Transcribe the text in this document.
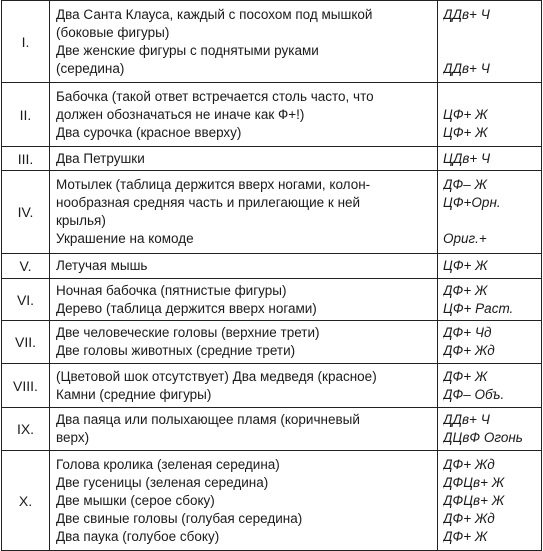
I.	Два Санта Клауса, каждый с посохом под мышкой
(боковые фигуры)
Две женские фигуры с поднятыми руками
(середина)	ДДв+ Ч
ДДв+ Ч

II.	Бабочка (такой ответ встречается столь часто, что
должен обозначаться не иначе как Ф+!)
Два сурочка (красное вверху)	ЦФ+ Ж
ЦФ+ Ж

III.	Два Петрушки	ЦДв+ Ч

IV.	Мотылек (таблица держится вверх ногами, колон-
нообразная средняя часть и прилегающие к ней
крылья)
Украшение на комоде	ДФ– Ж
ЦФ+Орн.
Ориг.+

V.	Летучая мышь	ЦФ+ Ж

VI.	Ночная бабочка (пятнистые фигуры)
Дерево (таблица держится вверх ногами)	ДФ+ Ж
ЦФ+ Раст.

VII.	Две человеческие головы (верхние трети)
Две головы животных (средние трети)	ДФ+ Чд
ДФ+ Жд

VIII.	(Цветовой шок отсутствует) Два медведя (красное)
Камни (средние фигуры)	ДФ+ Ж
ДФ– Объ.

IX.	Два паяца или полыхающее пламя (коричневый
верх)	ДДв+ Ч
ДЦвФ Огонь

X.	Голова кролика (зеленая середина)
Две гусеницы (зеленая середина)
Две мышки (серое сбоку)
Две свиные головы (голубая середина)
Два паука (голубое сбоку)	ДФ+ Жд
ДФЦв+ Ж
ДФЦв+ Ж
ДФ+ Жд
ДФ+ Ж
